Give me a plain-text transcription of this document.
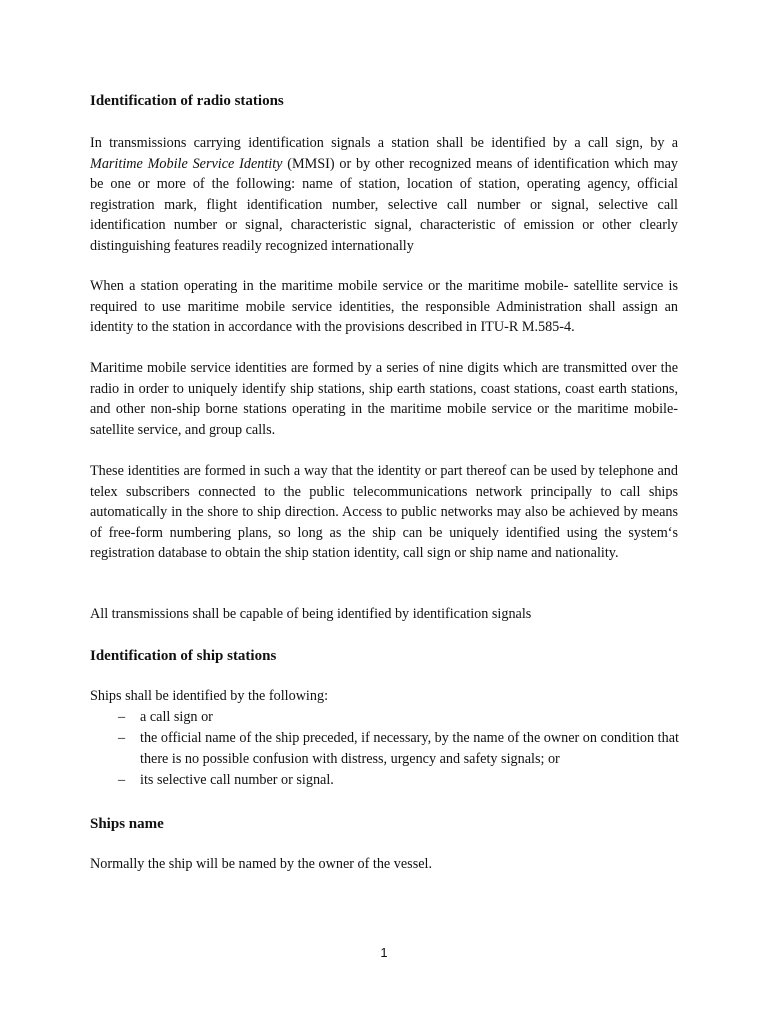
Identification of radio stations

In transmissions carrying identification signals a station shall be identified by a call sign, by a Maritime Mobile Service Identity (MMSI) or by other recognized means of identification which may be one or more of the following: name of station, location of station, operating agency, official registration mark, flight identification number, selective call number or signal, selective call identification number or signal, characteristic signal, characteristic of emission or other clearly distinguishing features readily recognized internationally

When a station operating in the maritime mobile service or the maritime mobile- satellite service is required to use maritime mobile service identities, the responsible Administration shall assign an identity to the station in accordance with the provisions described in ITU-R M.585-4.

Maritime mobile service identities are formed by a series of nine digits which are transmitted over the radio in order to uniquely identify ship stations, ship earth stations, coast stations, coast earth stations, and other non-ship borne stations operating in the maritime mobile service or the maritime mobile-satellite service, and group calls.

These identities are formed in such a way that the identity or part thereof can be used by telephone and telex subscribers connected to the public telecommunications network principally to call ships automatically in the shore to ship direction. Access to public networks may also be achieved by means of free-form numbering plans, so long as the ship can be uniquely identified using the system‘s registration database to obtain the ship station identity, call sign or ship name and nationality.

All transmissions shall be capable of being identified by identification signals

Identification of ship stations

Ships shall be identified by the following:

– a call sign or
– the official name of the ship preceded, if necessary, by the name of the owner on condition that there is no possible confusion with distress, urgency and safety signals; or
– its selective call number or signal.
Ships name

Normally the ship will be named by the owner of the vessel.

1
